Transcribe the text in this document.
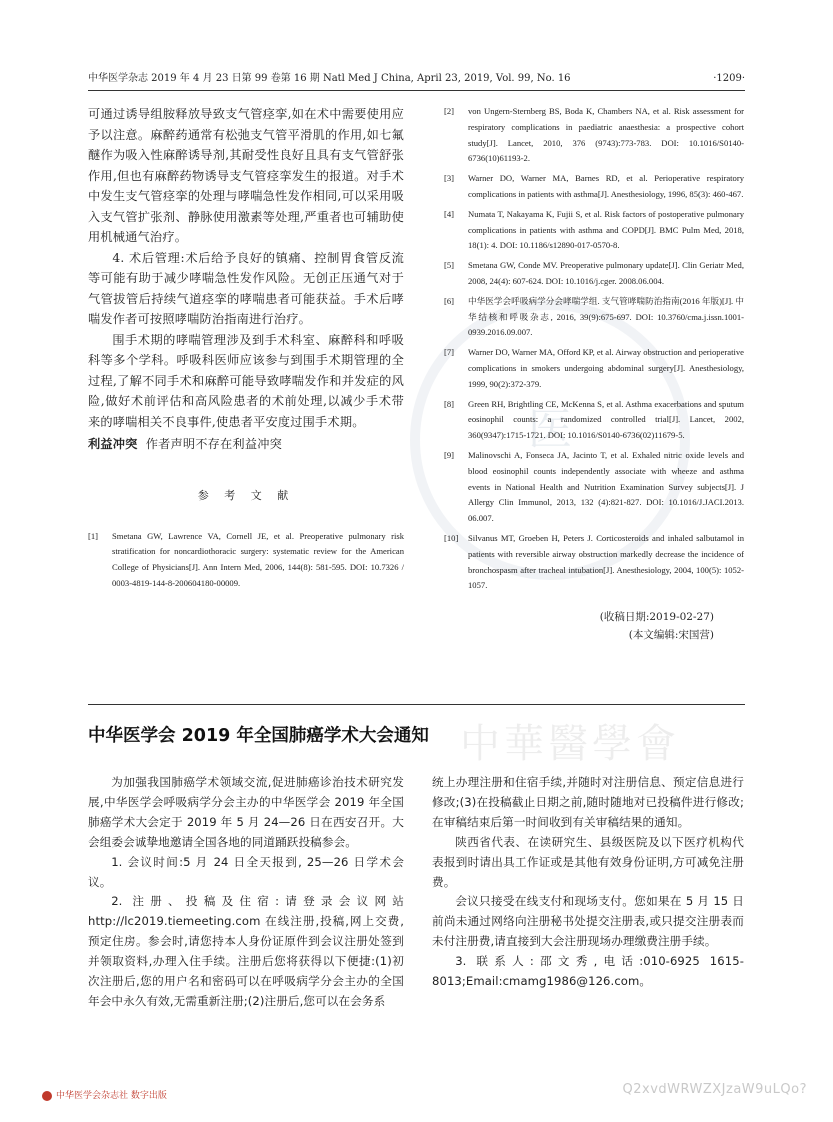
中华医学杂志 2019 年 4 月 23 日第 99 卷第 16 期 Natl Med J China, April 23, 2019, Vol. 99, No. 16	·1209·
医

可通过诱导组胺释放导致支气管痉挛,如在术中需要使用应予以注意。麻醉药通常有松弛支气管平滑肌的作用,如七氟醚作为吸入性麻醉诱导剂,其耐受性良好且具有支气管舒张作用,但也有麻醉药物诱导支气管痉挛发生的报道。对手术中发生支气管痉挛的处理与哮喘急性发作相同,可以采用吸入支气管扩张剂、静脉使用激素等处理,严重者也可辅助使用机械通气治疗。

4. 术后管理:术后给予良好的镇痛、控制胃食管反流等可能有助于减少哮喘急性发作风险。无创正压通气对于气管拔管后持续气道痉挛的哮喘患者可能获益。手术后哮喘发作者可按照哮喘防治指南进行治疗。

围手术期的哮喘管理涉及到手术科室、麻醉科和呼吸科等多个学科。呼吸科医师应该参与到围手术期管理的全过程,了解不同手术和麻醉可能导致哮喘发作和并发症的风险,做好术前评估和高风险患者的术前处理,以减少手术带来的哮喘相关不良事件,使患者平安度过围手术期。

利益冲突 作者声明不存在利益冲突

参 考 文 献
[1]	Smetana GW, Lawrence VA, Cornell JE, et al. Preoperative pulmonary risk stratification for noncardiothoracic surgery: systematic review for the American College of Physicians[J]. Ann Intern Med, 2006, 144(8): 581-595. DOI: 10.7326 / 0003-4819-144-8-200604180-00009.
[2]	von Ungern-Sternberg BS, Boda K, Chambers NA, et al. Risk assessment for respiratory complications in paediatric anaesthesia: a prospective cohort study[J]. Lancet, 2010, 376 (9743):773-783. DOI: 10.1016/S0140-6736(10)61193-2.
[3]	Warner DO, Warner MA, Barnes RD, et al. Perioperative respiratory complications in patients with asthma[J]. Anesthesiology, 1996, 85(3): 460-467.
[4]	Numata T, Nakayama K, Fujii S, et al. Risk factors of postoperative pulmonary complications in patients with asthma and COPD[J]. BMC Pulm Med, 2018, 18(1): 4. DOI: 10.1186/s12890-017-0570-8.
[5]	Smetana GW, Conde MV. Preoperative pulmonary update[J]. Clin Geriatr Med, 2008, 24(4): 607-624. DOI: 10.1016/j.cger. 2008.06.004.
[6]	中华医学会呼吸病学分会哮喘学组. 支气管哮喘防治指南(2016 年版)[J]. 中华结核和呼吸杂志, 2016, 39(9):675-697. DOI: 10.3760/cma.j.issn.1001-0939.2016.09.007.
[7]	Warner DO, Warner MA, Offord KP, et al. Airway obstruction and perioperative complications in smokers undergoing abdominal surgery[J]. Anesthesiology, 1999, 90(2):372-379.
[8]	Green RH, Brightling CE, McKenna S, et al. Asthma exacerbations and sputum eosinophil counts: a randomized controlled trial[J]. Lancet, 2002, 360(9347):1715-1721. DOI: 10.1016/S0140-6736(02)11679-5.
[9]	Malinovschi A, Fonseca JA, Jacinto T, et al. Exhaled nitric oxide levels and blood eosinophil counts independently associate with wheeze and asthma events in National Health and Nutrition Examination Survey subjects[J]. J Allergy Clin Immunol, 2013, 132 (4):821-827. DOI: 10.1016/J.JACI.2013. 06.007.
[10]	Silvanus MT, Groeben H, Peters J. Corticosteroids and inhaled salbutamol in patients with reversible airway obstruction markedly decrease the incidence of bronchospasm after tracheal intubation[J]. Anesthesiology, 2004, 100(5): 1052-1057.
(收稿日期:2019-02-27)
(本文编辑:宋国营)
中華醫學會
中华医学会 2019 年全国肺癌学术大会通知

为加强我国肺癌学术领域交流,促进肺癌诊治技术研究发展,中华医学会呼吸病学分会主办的中华医学会 2019 年全国肺癌学术大会定于 2019 年 5 月 24—26 日在西安召开。大会组委会诚挚地邀请全国各地的同道踊跃投稿参会。

1. 会议时间:5 月 24 日全天报到, 25—26 日学术会议。

2. 注册、投稿及住宿:请登录会议网站 http://lc2019.tiemeeting.com 在线注册,投稿,网上交费,预定住房。参会时,请您持本人身份证原件到会议注册处签到并领取资料,办理入住手续。注册后您将获得以下便捷:(1)初次注册后,您的用户名和密码可以在呼吸病学分会主办的全国年会中永久有效,无需重新注册;(2)注册后,您可以在会务系

统上办理注册和住宿手续,并随时对注册信息、预定信息进行修改;(3)在投稿截止日期之前,随时随地对已投稿件进行修改;在审稿结束后第一时间收到有关审稿结果的通知。

陕西省代表、在读研究生、县级医院及以下医疗机构代表报到时请出具工作证或是其他有效身份证明,方可减免注册费。

会议只接受在线支付和现场支付。您如果在 5 月 15 日前尚未通过网络向注册秘书处提交注册表,或只提交注册表而未付注册费,请直接到大会注册现场办理缴费注册手续。

3. 联系人:邵文秀,电话:010-6925 1615-8013;Email:cmamg1986@126.com。

中华医学会杂志社 数字出版	Q2xvdWRWZXJzaW9uLQo?
